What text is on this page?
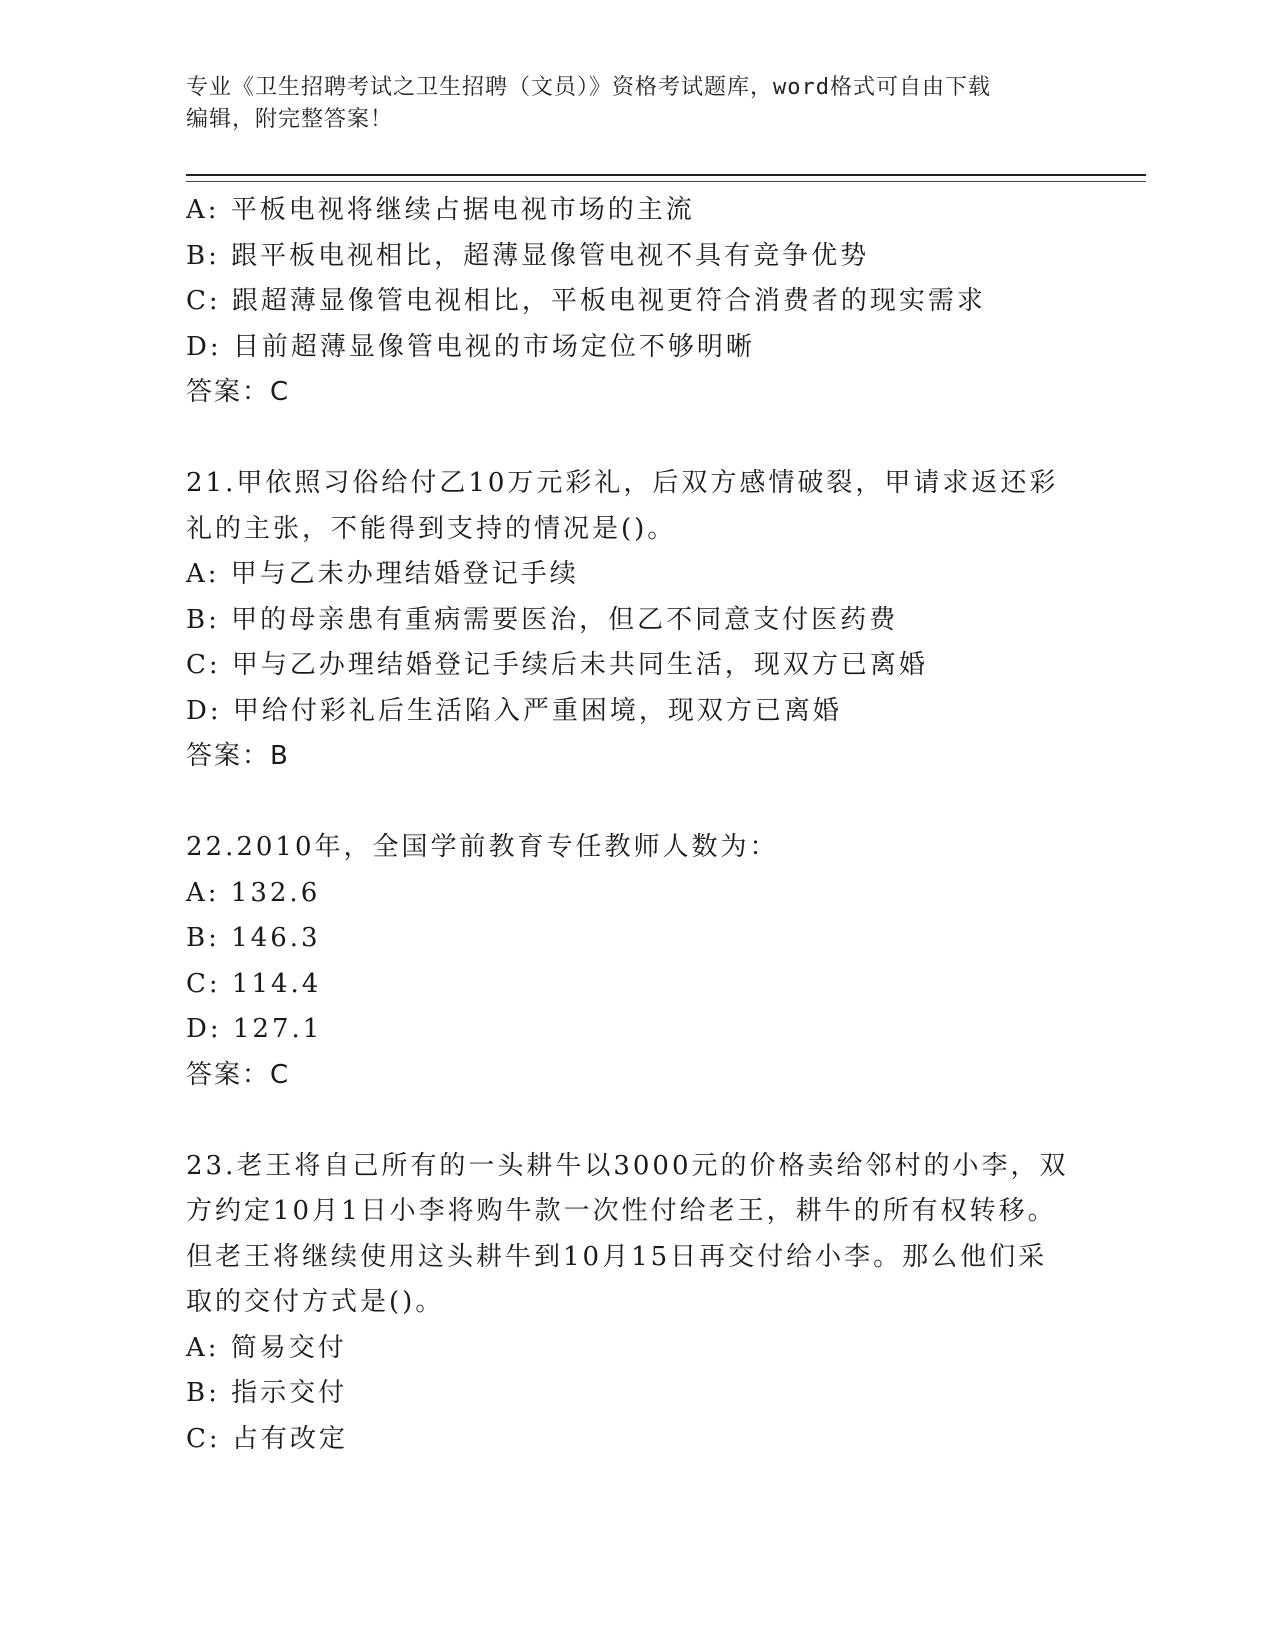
专业《卫生招聘考试之卫生招聘（文员）》资格考试题库，word格式可自由下载
编辑，附完整答案！

A: 平板电视将继续占据电视市场的主流

B: 跟平板电视相比，超薄显像管电视不具有竞争优势

C: 跟超薄显像管电视相比，平板电视更符合消费者的现实需求

D: 目前超薄显像管电视的市场定位不够明晰

答案：C

21.甲依照习俗给付乙10万元彩礼，后双方感情破裂，甲请求返还彩

礼的主张，不能得到支持的情况是()。

A: 甲与乙未办理结婚登记手续

B: 甲的母亲患有重病需要医治，但乙不同意支付医药费

C: 甲与乙办理结婚登记手续后未共同生活，现双方已离婚

D: 甲给付彩礼后生活陷入严重困境，现双方已离婚

答案：B

22.2010年，全国学前教育专任教师人数为：

A: 132.6

B: 146.3

C: 114.4

D: 127.1

答案：C

23.老王将自己所有的一头耕牛以3000元的价格卖给邻村的小李，双

方约定10月1日小李将购牛款一次性付给老王，耕牛的所有权转移。

但老王将继续使用这头耕牛到10月15日再交付给小李。那么他们采

取的交付方式是()。

A: 简易交付

B: 指示交付

C: 占有改定
